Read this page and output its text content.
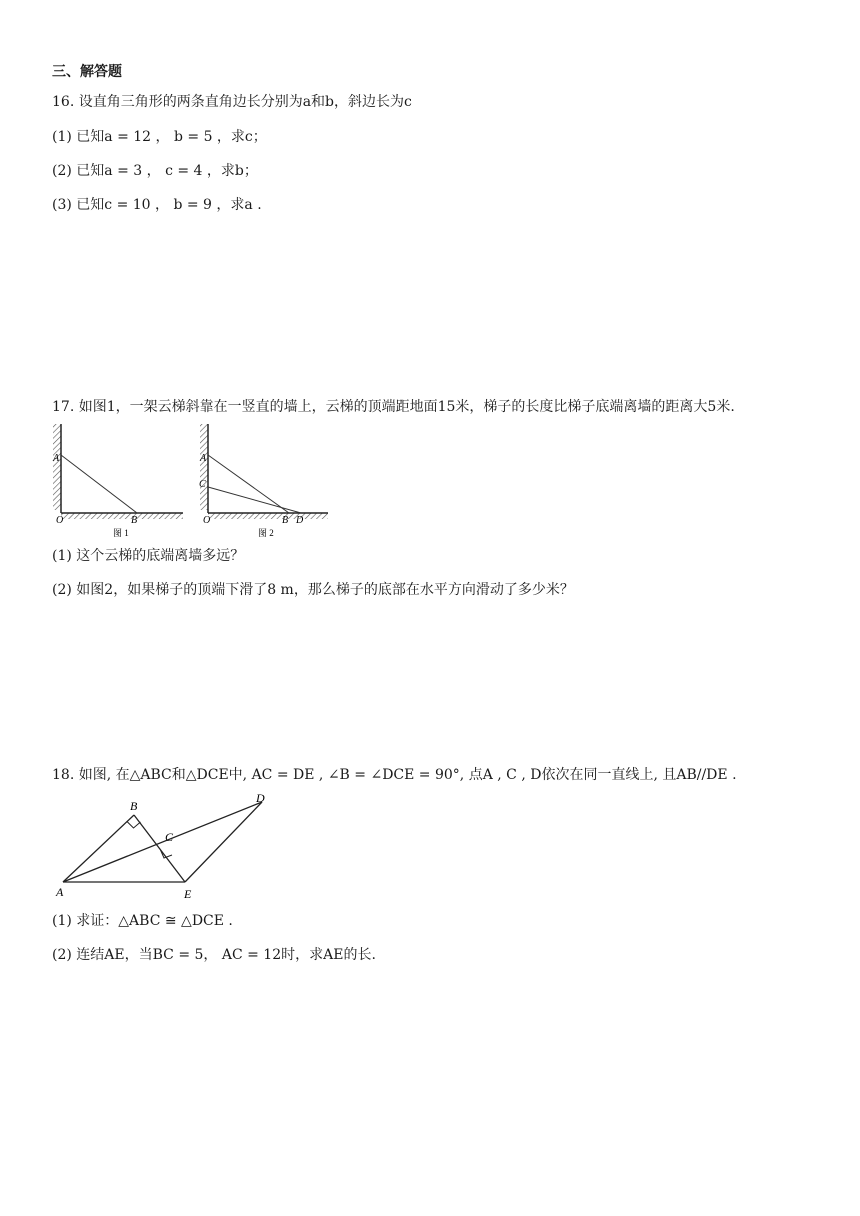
三、解答题
16. 设直角三角形的两条直角边长分别为a和b，斜边长为c
(1) 已知a = 12 ， b = 5 ，求c；
(2) 已知a = 3 ， c = 4 ，求b；
(3) 已知c = 10 ， b = 9 ，求a .
17. 如图1，一架云梯斜靠在一竖直的墙上，云梯的顶端距地面15米，梯子的长度比梯子底端离墙的距离大5米.
A
O	B
图 1
A
C
O	B D
图 2
(1) 这个云梯的底端离墙多远？
(2) 如图2，如果梯子的顶端下滑了8 m，那么梯子的底部在水平方向滑动了多少米？
18. 如图, 在△ABC和△DCE中, AC = DE , ∠B = ∠DCE = 90°, 点A , C , D依次在同一直线上, 且AB//DE .
B
C
D
A	E
(1) 求证：△ABC ≅ △DCE .
(2) 连结AE，当BC = 5， AC = 12时，求AE的长.
